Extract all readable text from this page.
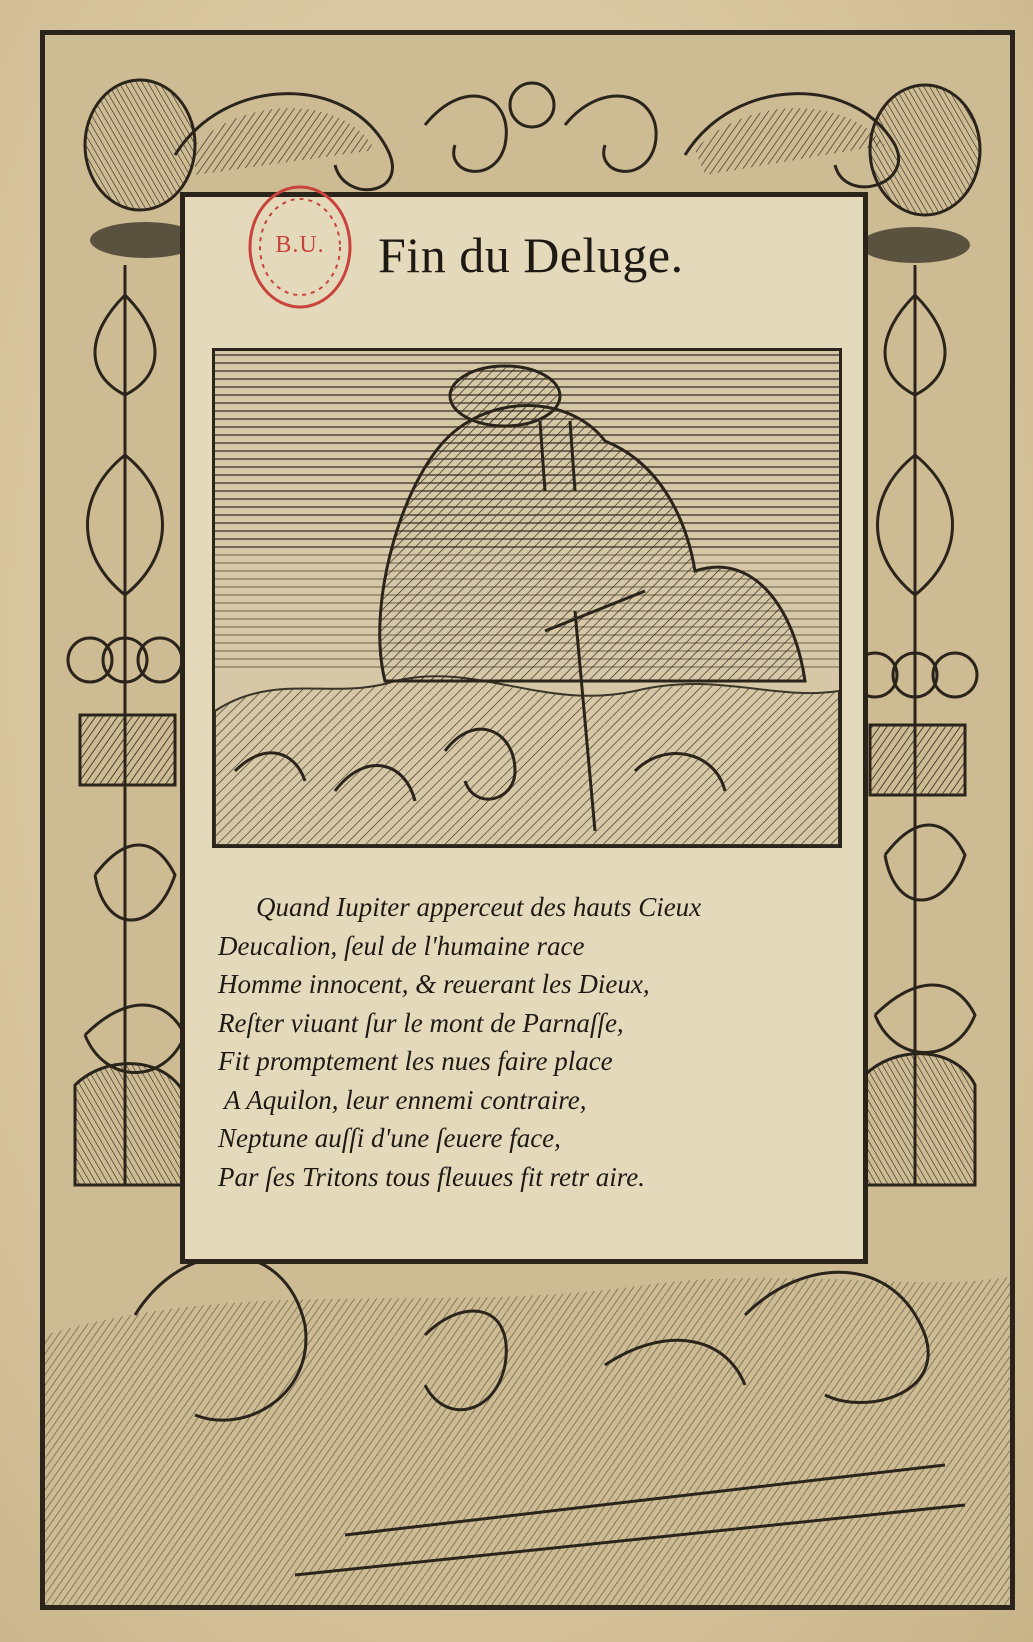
B.U.	Fin du Deluge.
Quand Iupiter apperceut des hauts Cieux
Deucalion, ſeul de l'humaine race
Homme innocent, & reuerant les Dieux,
Reſter viuant ſur le mont de Parnaſſe,
Fit promptement les nues faire place
A Aquilon, leur ennemi contraire,
Neptune auſſi d'une ſeuere face,
Par ſes Tritons tous fleuues fit retr aire.
